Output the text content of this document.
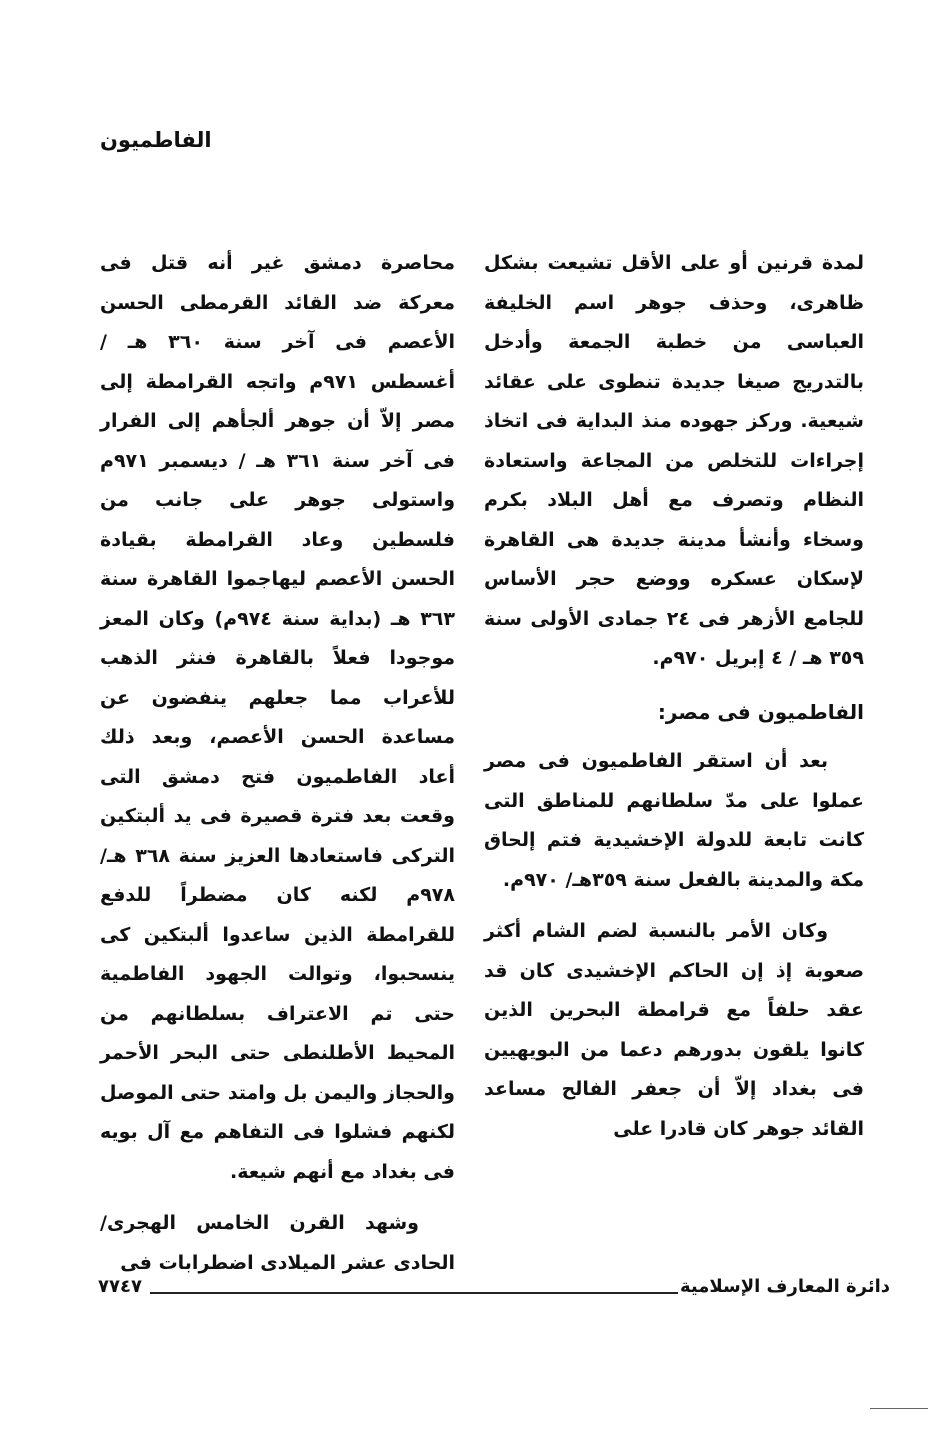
الفاطميون

لمدة قرنين أو على الأقل تشيعت بشكل ظاهرى، وحذف جوهر اسم الخليفة العباسى من خطبة الجمعة وأدخل بالتدريج صيغا جديدة تنطوى على عقائد شيعية. وركز جهوده منذ البداية فى اتخاذ إجراءات للتخلص من المجاعة واستعادة النظام وتصرف مع أهل البلاد بكرم وسخاء وأنشأ مدينة جديدة هى القاهرة لإسكان عسكره ووضع حجر الأساس للجامع الأزهر فى ٢٤ جمادى الأولى سنة ٣٥٩ هـ / ٤ إبريل ٩٧٠م.

الفاطميون فى مصر:

بعد أن استقر الفاطميون فى مصر عملوا على مدّ سلطانهم للمناطق التى كانت تابعة للدولة الإخشيدية فتم إلحاق مكة والمدينة بالفعل سنة ٣٥٩هـ/ ٩٧٠م.

وكان الأمر بالنسبة لضم الشام أكثر صعوبة إذ إن الحاكم الإخشيدى كان قد عقد حلفاً مع قرامطة البحرين الذين كانوا يلقون بدورهم دعما من البويهيين فى بغداد إلاّ أن جعفر الفالح مساعد القائد جوهر كان قادرا على

محاصرة دمشق غير أنه قتل فى معركة ضد القائد القرمطى الحسن الأعصم فى آخر سنة ٣٦٠ هـ / أغسطس ٩٧١م واتجه القرامطة إلى مصر إلاّ أن جوهر ألجأهم إلى الفرار فى آخر سنة ٣٦١ هـ / ديسمبر ٩٧١م واستولى جوهر على جانب من فلسطين وعاد القرامطة بقيادة الحسن الأعصم ليهاجموا القاهرة سنة ٣٦٣ هـ (بداية سنة ٩٧٤م) وكان المعز موجودا فعلاً بالقاهرة فنثر الذهب للأعراب مما جعلهم ينفضون عن مساعدة الحسن الأعصم، وبعد ذلك أعاد الفاطميون فتح دمشق التى وقعت بعد فترة قصيرة فى يد ألبتكين التركى فاستعادها العزيز سنة ٣٦٨ هـ/ ٩٧٨م لكنه كان مضطراً للدفع للقرامطة الذين ساعدوا ألبتكين كى ينسحبوا، وتوالت الجهود الفاطمية حتى تم الاعتراف بسلطانهم من المحيط الأطلنطى حتى البحر الأحمر والحجاز واليمن بل وامتد حتى الموصل لكنهم فشلوا فى التفاهم مع آل بويه فى بغداد مع أنهم شيعة.

وشهد القرن الخامس الهجرى/ الحادى عشر الميلادى اضطرابات فى

دائرة المعارف الإسلامية
٧٧٤٧
